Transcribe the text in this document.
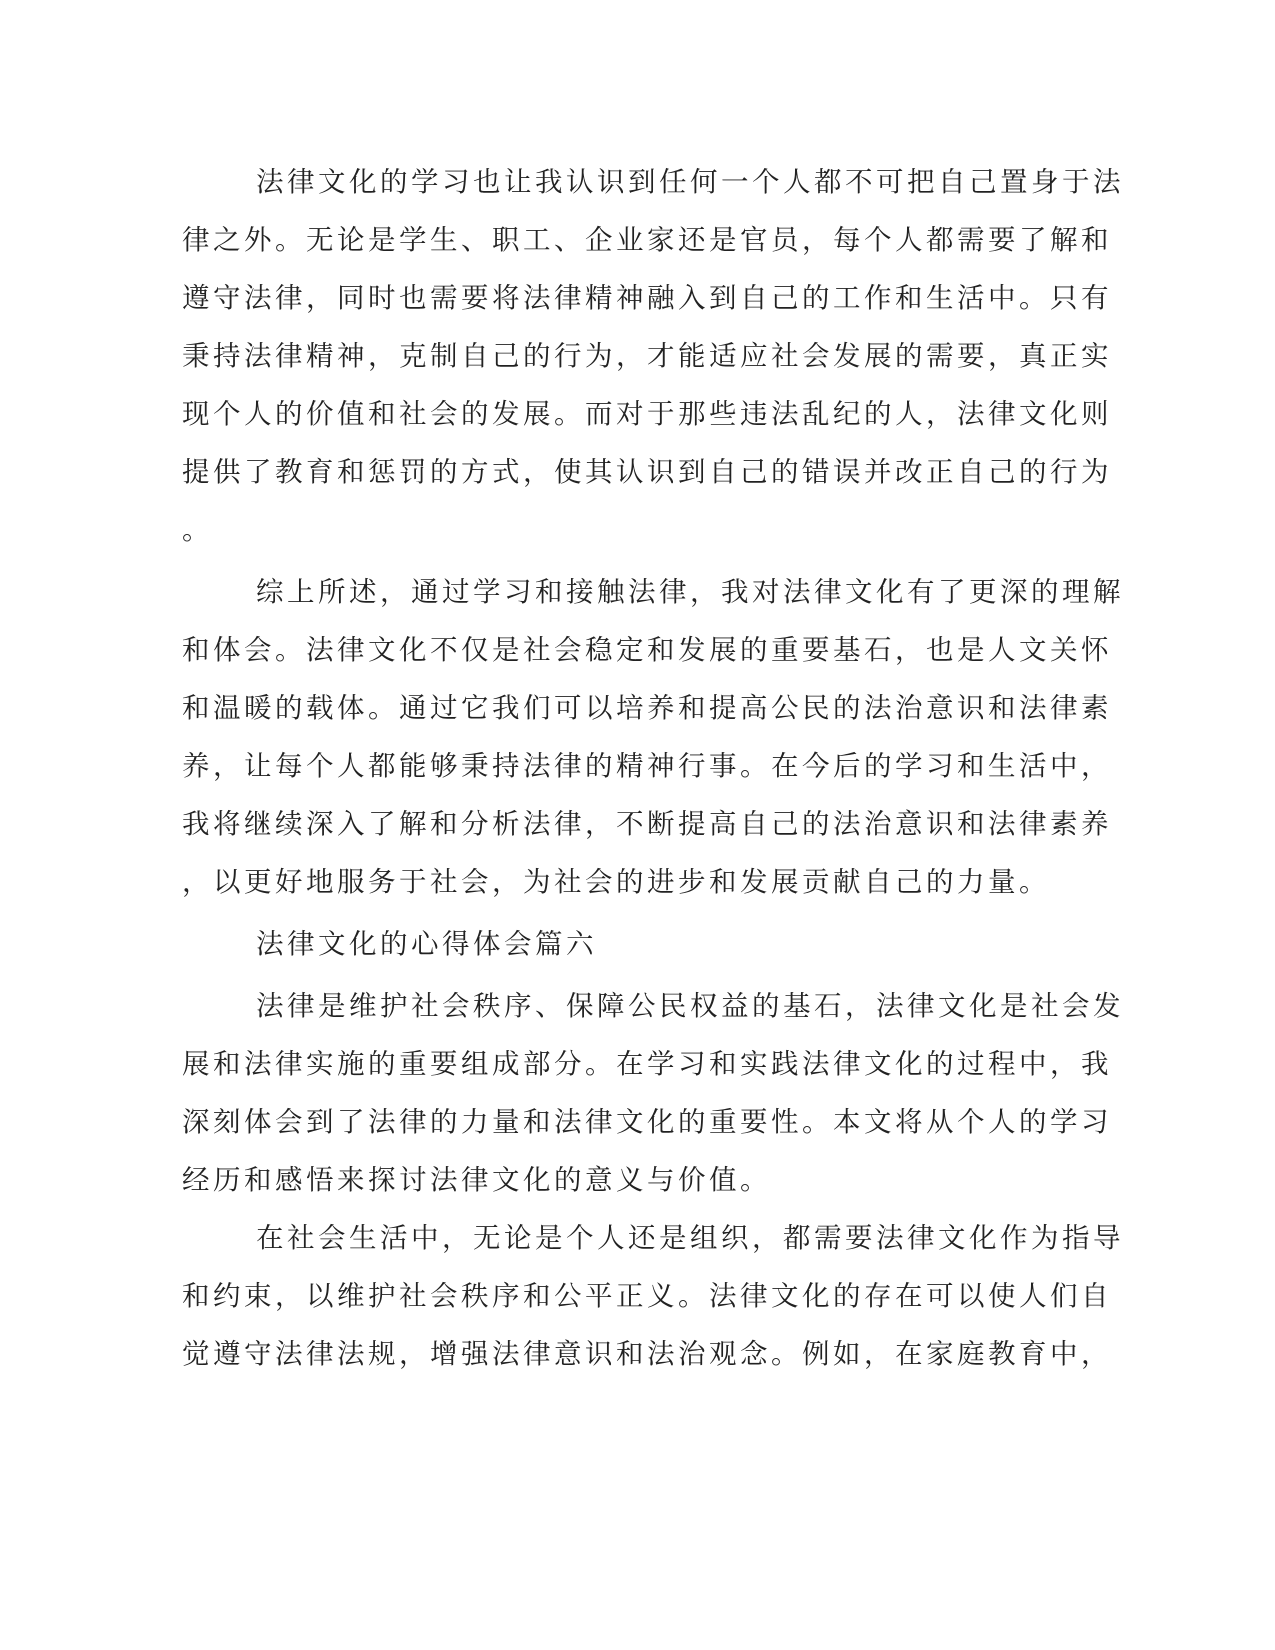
法律文化的学习也让我认识到任何一个人都不可把自己置身于法
律之外。无论是学生、职工、企业家还是官员，每个人都需要了解和
遵守法律，同时也需要将法律精神融入到自己的工作和生活中。只有
秉持法律精神，克制自己的行为，才能适应社会发展的需要，真正实
现个人的价值和社会的发展。而对于那些违法乱纪的人，法律文化则
提供了教育和惩罚的方式，使其认识到自己的错误并改正自己的行为
。
综上所述，通过学习和接触法律，我对法律文化有了更深的理解
和体会。法律文化不仅是社会稳定和发展的重要基石，也是人文关怀
和温暖的载体。通过它我们可以培养和提高公民的法治意识和法律素
养，让每个人都能够秉持法律的精神行事。在今后的学习和生活中，
我将继续深入了解和分析法律，不断提高自己的法治意识和法律素养
，以更好地服务于社会，为社会的进步和发展贡献自己的力量。
法律文化的心得体会篇六
法律是维护社会秩序、保障公民权益的基石，法律文化是社会发
展和法律实施的重要组成部分。在学习和实践法律文化的过程中，我
深刻体会到了法律的力量和法律文化的重要性。本文将从个人的学习
经历和感悟来探讨法律文化的意义与价值。
在社会生活中，无论是个人还是组织，都需要法律文化作为指导
和约束，以维护社会秩序和公平正义。法律文化的存在可以使人们自
觉遵守法律法规，增强法律意识和法治观念。例如，在家庭教育中，
